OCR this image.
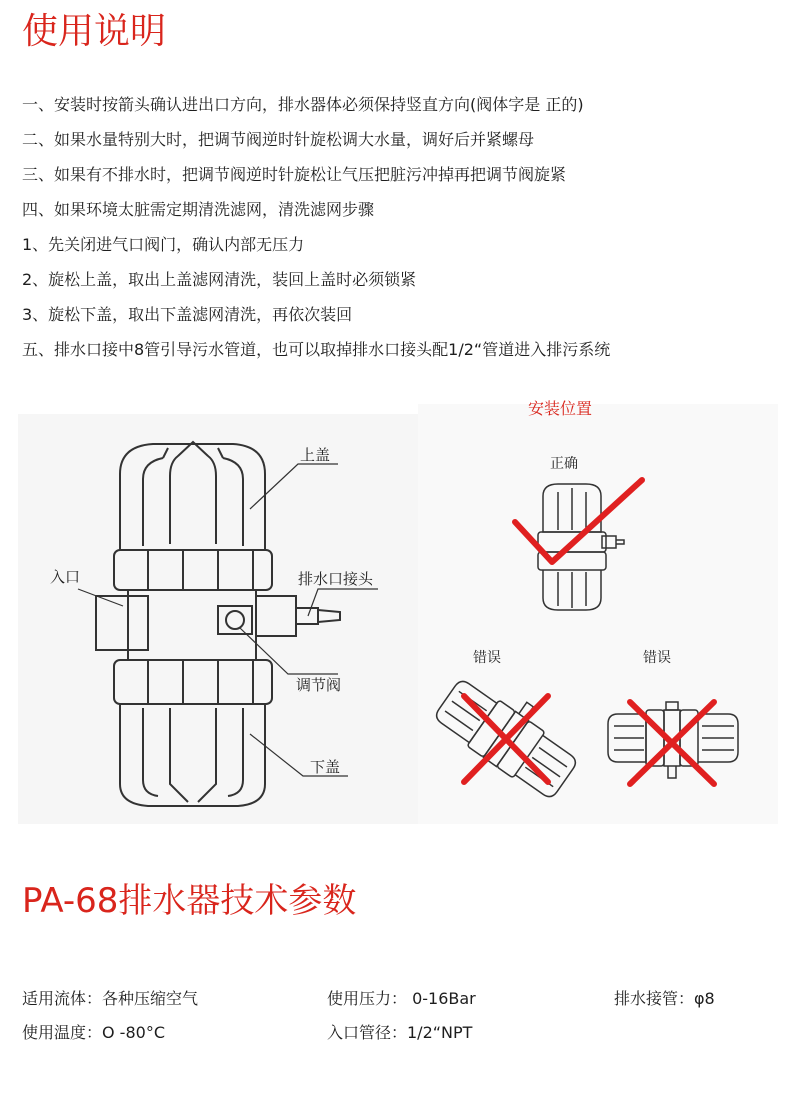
使用说明
一、安装时按箭头确认进出口方向，排水器体必须保持竖直方向(阀体字是 正的)
二、如果水量特别大时，把调节阀逆时针旋松调大水量，调好后并紧螺母
三、如果有不排水时，把调节阀逆时针旋松让气压把脏污冲掉再把调节阀旋紧
四、如果环境太脏需定期清洗滤网，清洗滤网步骤
1、先关闭进气口阀门，确认内部无压力
2、旋松上盖，取出上盖滤网清洗，装回上盖时必须锁紧
3、旋松下盖，取出下盖滤网清洗，再依次装回
五、排水口接中8管引导污水管道，也可以取掉排水口接头配1/2“管道进入排污系统
上盖
入口	排水口接头
调节阀
下盖
安装位置
正确
错误	错误
PA-68排水器技术参数
适用流体：各种压缩空气	使用压力： 0-16Bar	排水接管：φ8
使用温度：O -80°C	入口管径：1/2“NPT
